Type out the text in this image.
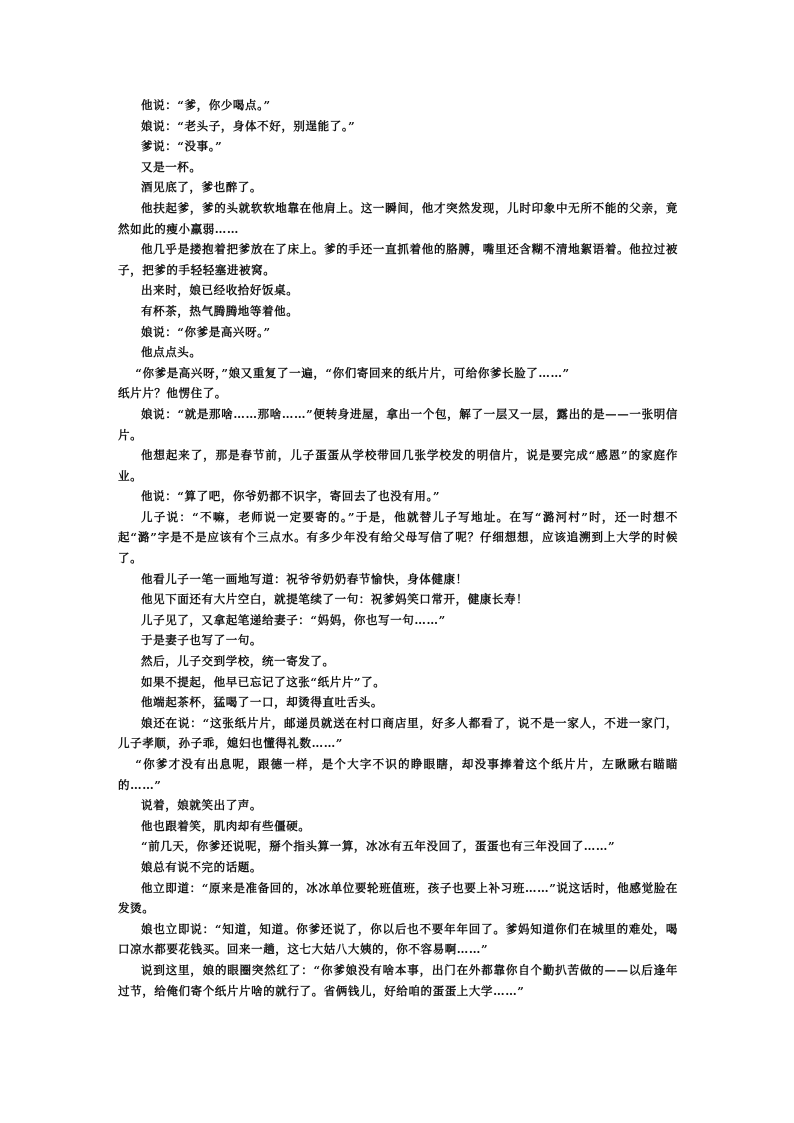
他说：“爹，你少喝点。”

娘说：“老头子，身体不好，别逞能了。”

爹说：“没事。”

又是一杯。

酒见底了，爹也醉了。

他扶起爹，爹的头就软软地靠在他肩上。这一瞬间，他才突然发现，儿时印象中无所不能的父亲，竟然如此的瘦小羸弱……

他几乎是搂抱着把爹放在了床上。爹的手还一直抓着他的胳膊，嘴里还含糊不清地絮语着。他拉过被子，把爹的手轻轻塞进被窝。

出来时，娘已经收拾好饭桌。

有杯茶，热气腾腾地等着他。

娘说：“你爹是高兴呀。”

他点点头。

“你爹是高兴呀，”娘又重复了一遍，“你们寄回来的纸片片，可给你爹长脸了……”

纸片片？他愣住了。

娘说：“就是那啥……那啥……”便转身进屋，拿出一个包，解了一层又一层，露出的是——一张明信片。

他想起来了，那是春节前，儿子蛋蛋从学校带回几张学校发的明信片，说是要完成“感恩”的家庭作业。

他说：“算了吧，你爷奶都不识字，寄回去了也没有用。”

儿子说：“不嘛，老师说一定要寄的。”于是，他就替儿子写地址。在写“潞河村”时，还一时想不起“潞”字是不是应该有个三点水。有多少年没有给父母写信了呢？仔细想想，应该追溯到上大学的时候了。

他看儿子一笔一画地写道：祝爷爷奶奶春节愉快，身体健康！

他见下面还有大片空白，就提笔续了一句：祝爹妈笑口常开，健康长寿！

儿子见了，又拿起笔递给妻子：“妈妈，你也写一句……”

于是妻子也写了一句。

然后，儿子交到学校，统一寄发了。

如果不提起，他早已忘记了这张“纸片片”了。

他端起茶杯，猛喝了一口，却烫得直吐舌头。

娘还在说：“这张纸片片，邮递员就送在村口商店里，好多人都看了，说不是一家人，不进一家门，儿子孝顺，孙子乖，媳妇也懂得礼数……”

“你爹才没有出息呢，跟德一样，是个大字不识的睁眼瞎，却没事捧着这个纸片片，左瞅瞅右瞄瞄的……”

说着，娘就笑出了声。

他也跟着笑，肌肉却有些僵硬。

“前几天，你爹还说呢，掰个指头算一算，冰冰有五年没回了，蛋蛋也有三年没回了……”

娘总有说不完的话题。

他立即道：“原来是准备回的，冰冰单位要轮班值班，孩子也要上补习班……”说这话时，他感觉脸在发烫。

娘也立即说：“知道，知道。你爹还说了，你以后也不要年年回了。爹妈知道你们在城里的难处，喝口凉水都要花钱买。回来一趟，这七大姑八大姨的，你不容易啊……”

说到这里，娘的眼圈突然红了：“你爹娘没有啥本事，出门在外都靠你自个勤扒苦做的——以后逢年过节，给俺们寄个纸片片啥的就行了。省俩钱儿，好给咱的蛋蛋上大学……”
